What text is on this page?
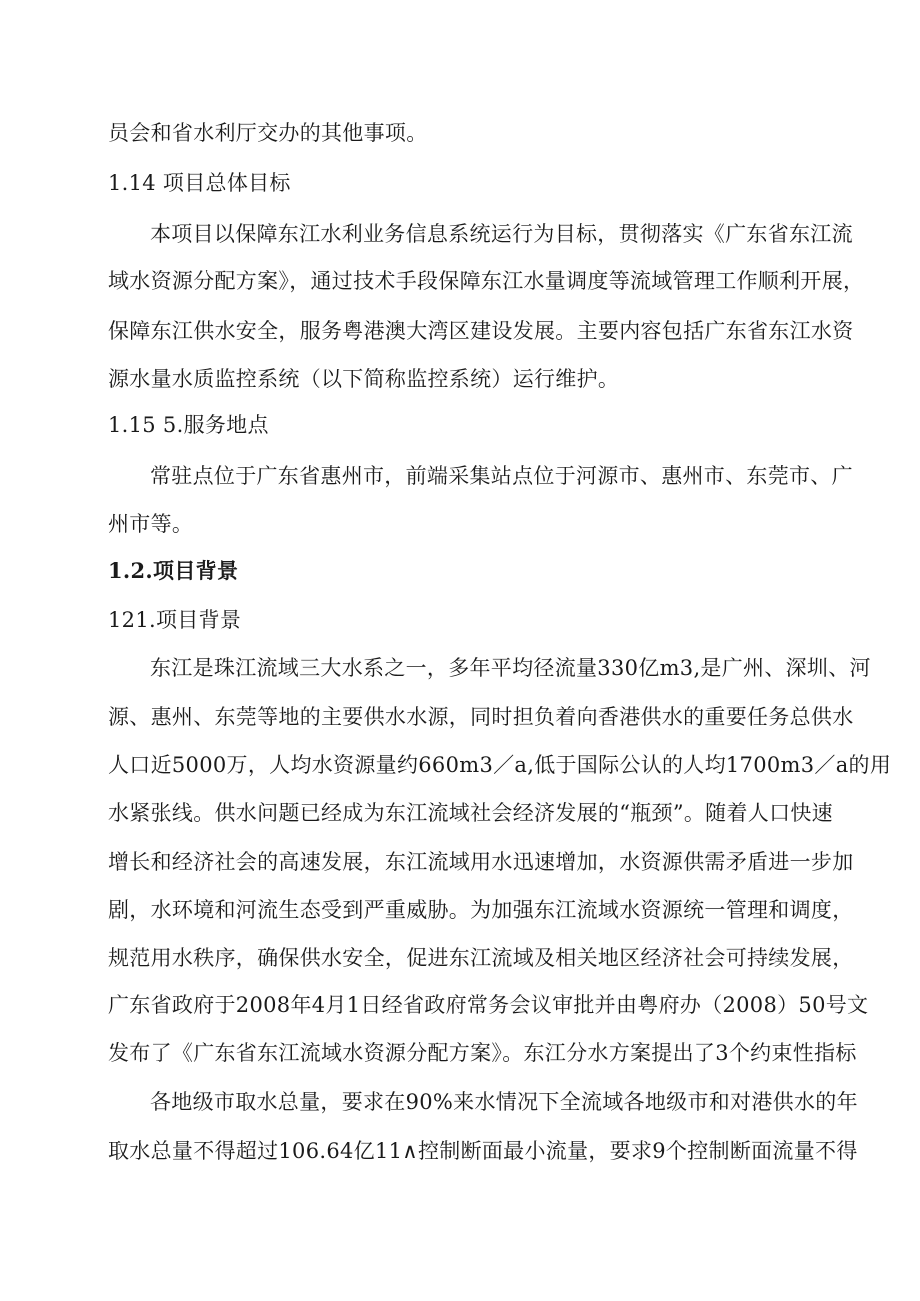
员会和省水利厅交办的其他事项。
1.14 项目总体目标
本项目以保障东江水利业务信息系统运行为目标，贯彻落实《广东省东江流
域水资源分配方案》，通过技术手段保障东江水量调度等流域管理工作顺利开展，
保障东江供水安全，服务粤港澳大湾区建设发展。主要内容包括广东省东江水资
源水量水质监控系统（以下简称监控系统）运行维护。
1.15 5.服务地点
常驻点位于广东省惠州市，前端采集站点位于河源市、惠州市、东莞市、广
州市等。
1.2.项目背景
121.项目背景
东江是珠江流域三大水系之一，多年平均径流量330亿m3,是广州、深圳、河
源、惠州、东莞等地的主要供水水源，同时担负着向香港供水的重要任务总供水
人口近5000万，人均水资源量约660m3／a,低于国际公认的人均1700m3／a的用
水紧张线。供水问题已经成为东江流域社会经济发展的“瓶颈”。随着人口快速
增长和经济社会的高速发展，东江流域用水迅速增加，水资源供需矛盾进一步加
剧，水环境和河流生态受到严重威胁。为加强东江流域水资源统一管理和调度，
规范用水秩序，确保供水安全，促进东江流域及相关地区经济社会可持续发展，
广东省政府于2008年4月1日经省政府常务会议审批并由粤府办（2008）50号文
发布了《广东省东江流域水资源分配方案》。东江分水方案提出了3个约束性指标
各地级市取水总量，要求在90%来水情况下全流域各地级市和对港供水的年
取水总量不得超过106.64亿11∧控制断面最小流量，要求9个控制断面流量不得
